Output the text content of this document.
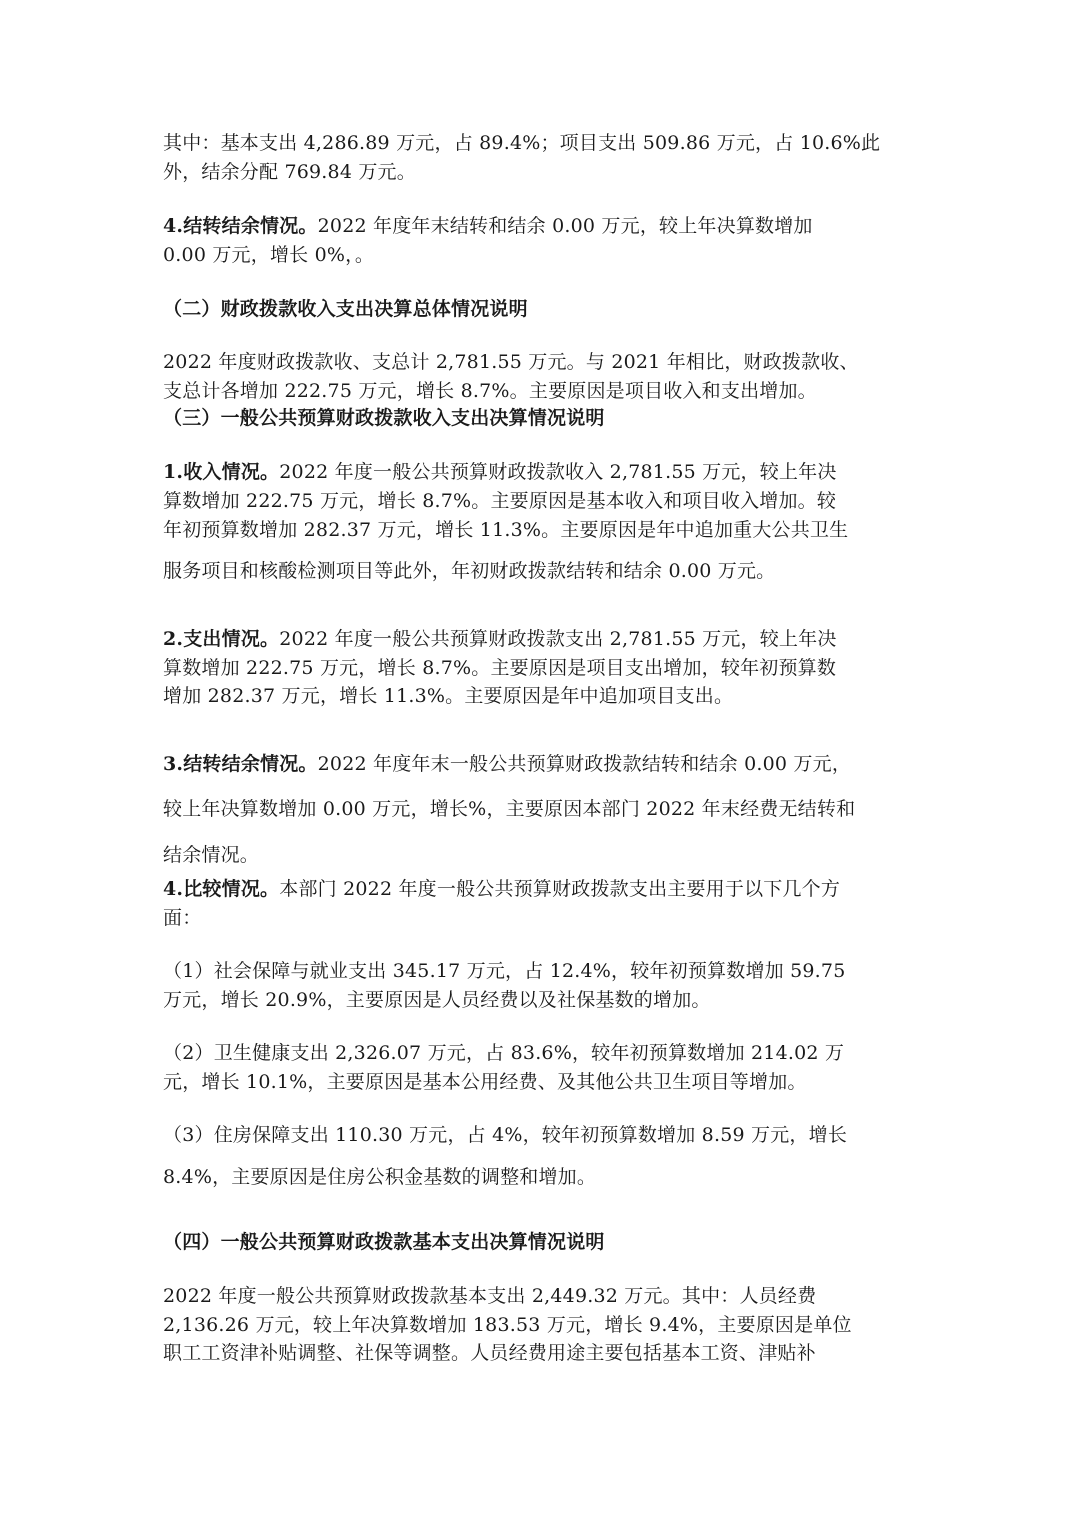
其中：基本支出 4,286.89 万元，占 89.4%；项目支出 509.86 万元，占 10.6%此

外，结余分配 769.84 万元。

4.结转结余情况。2022 年度年末结转和结余 0.00 万元，较上年决算数增加

0.00 万元，增长 0%，。

（二）财政拨款收入支出决算总体情况说明

2022 年度财政拨款收、支总计 2,781.55 万元。与 2021 年相比，财政拨款收、

支总计各增加 222.75 万元，增长 8.7%。主要原因是项目收入和支出增加。

（三）一般公共预算财政拨款收入支出决算情况说明

1.收入情况。2022 年度一般公共预算财政拨款收入 2,781.55 万元，较上年决

算数增加 222.75 万元，增长 8.7%。主要原因是基本收入和项目收入增加。较

年初预算数增加 282.37 万元，增长 11.3%。主要原因是年中追加重大公共卫生

服务项目和核酸检测项目等此外，年初财政拨款结转和结余 0.00 万元。

2.支出情况。2022 年度一般公共预算财政拨款支出 2,781.55 万元，较上年决

算数增加 222.75 万元，增长 8.7%。主要原因是项目支出增加，较年初预算数

增加 282.37 万元，增长 11.3%。主要原因是年中追加项目支出。

3.结转结余情况。2022 年度年末一般公共预算财政拨款结转和结余 0.00 万元，

较上年决算数增加 0.00 万元，增长%，主要原因本部门 2022 年末经费无结转和

结余情况。

4.比较情况。本部门 2022 年度一般公共预算财政拨款支出主要用于以下几个方

面：

（1）社会保障与就业支出 345.17 万元，占 12.4%，较年初预算数增加 59.75

万元，增长 20.9%，主要原因是人员经费以及社保基数的增加。

（2）卫生健康支出 2,326.07 万元，占 83.6%，较年初预算数增加 214.02 万

元，增长 10.1%，主要原因是基本公用经费、及其他公共卫生项目等增加。

（3）住房保障支出 110.30 万元，占 4%，较年初预算数增加 8.59 万元，增长

8.4%，主要原因是住房公积金基数的调整和增加。

（四）一般公共预算财政拨款基本支出决算情况说明

2022 年度一般公共预算财政拨款基本支出 2,449.32 万元。其中：人员经费

2,136.26 万元，较上年决算数增加 183.53 万元，增长 9.4%，主要原因是单位

职工工资津补贴调整、社保等调整。人员经费用途主要包括基本工资、津贴补
